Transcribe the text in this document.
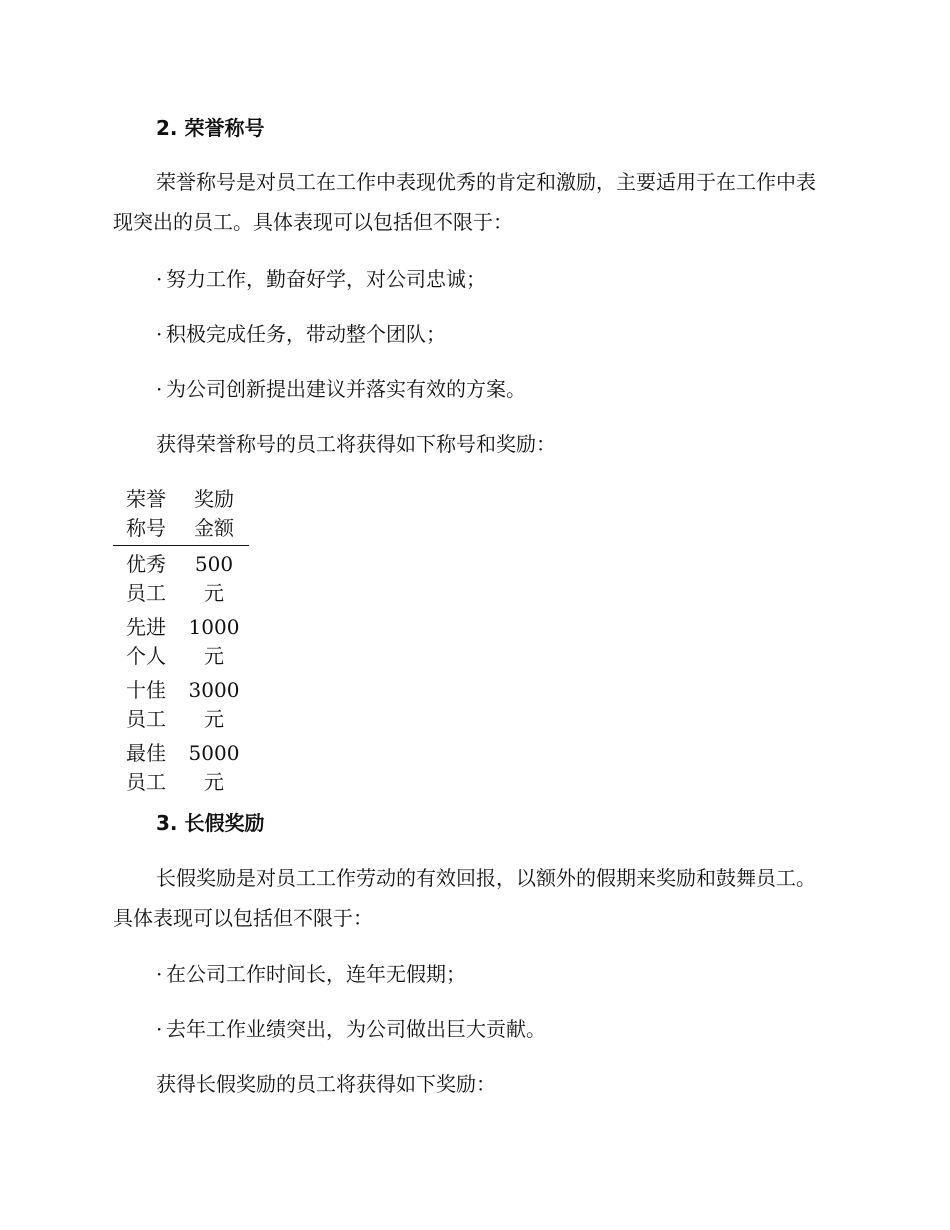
2. 荣誉称号
荣誉称号是对员工在工作中表现优秀的肯定和激励，主要适用于在工作中表现突出的员工。具体表现可以包括但不限于：
· 努力工作，勤奋好学，对公司忠诚；
· 积极完成任务，带动整个团队；
· 为公司创新提出建议并落实有效的方案。
获得荣誉称号的员工将获得如下称号和奖励：
荣誉称号	奖励金额
优秀员工	500元
先进个人	1000元
十佳员工	3000元
最佳员工	5000元
3. 长假奖励
长假奖励是对员工工作劳动的有效回报，以额外的假期来奖励和鼓舞员工。具体表现可以包括但不限于：
· 在公司工作时间长，连年无假期；
· 去年工作业绩突出，为公司做出巨大贡献。
获得长假奖励的员工将获得如下奖励：
